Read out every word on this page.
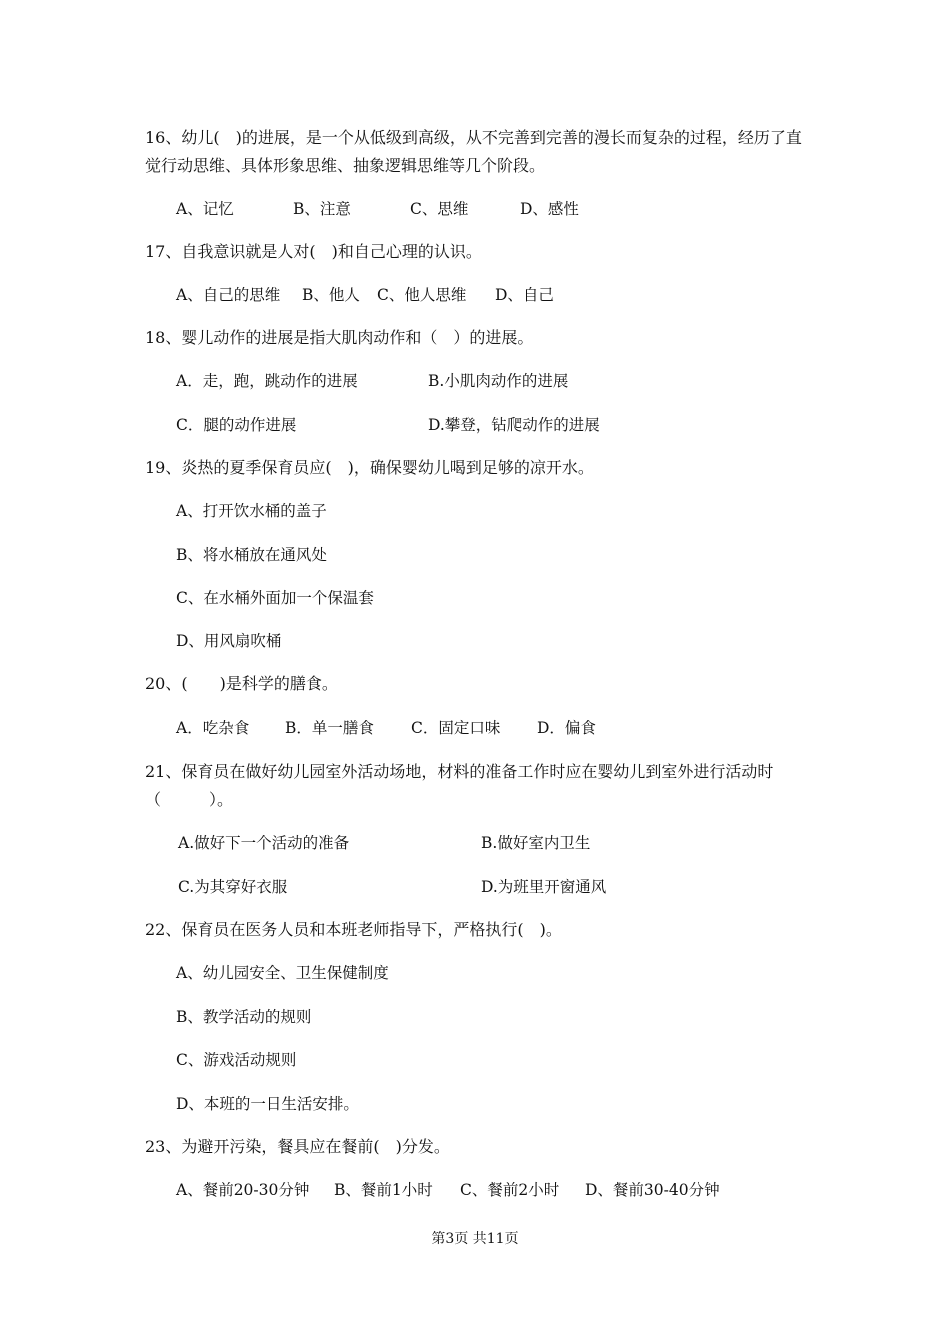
16、幼儿(　)的进展，是一个从低级到高级，从不完善到完善的漫长而复杂的过程，经历了直觉行动思维、具体形象思维、抽象逻辑思维等几个阶段。

A、记忆	B、注意	C、思维	D、感性

17、自我意识就是人对(　)和自己心理的认识。

A、自己的思维 B、他人 C、他人思维 D、自己

18、婴儿动作的进展是指大肌肉动作和（　）的进展。

A．走，跑，跳动作的进展	B.小肌肉动作的进展
C．腿的动作进展	D.攀登，钻爬动作的进展

19、炎热的夏季保育员应(　)，确保婴幼儿喝到足够的凉开水。

A、打开饮水桶的盖子
B、将水桶放在通风处
C、在水桶外面加一个保温套
D、用风扇吹桶

20、(　　)是科学的膳食。

A．吃杂食 B．单一膳食 C．固定口味 D．偏食

21、保育员在做好幼儿园室外活动场地，材料的准备工作时应在婴幼儿到室外进行活动时（　　　）。

A.做好下一个活动的准备	B.做好室内卫生
C.为其穿好衣服	D.为班里开窗通风

22、保育员在医务人员和本班老师指导下，严格执行(　)。

A、幼儿园安全、卫生保健制度
B、教学活动的规则
C、游戏活动规则
D、本班的一日生活安排。

23、为避开污染，餐具应在餐前(　)分发。

A、餐前20-30分钟 B、餐前1小时 C、餐前2小时 D、餐前30-40分钟
第3页 共11页
